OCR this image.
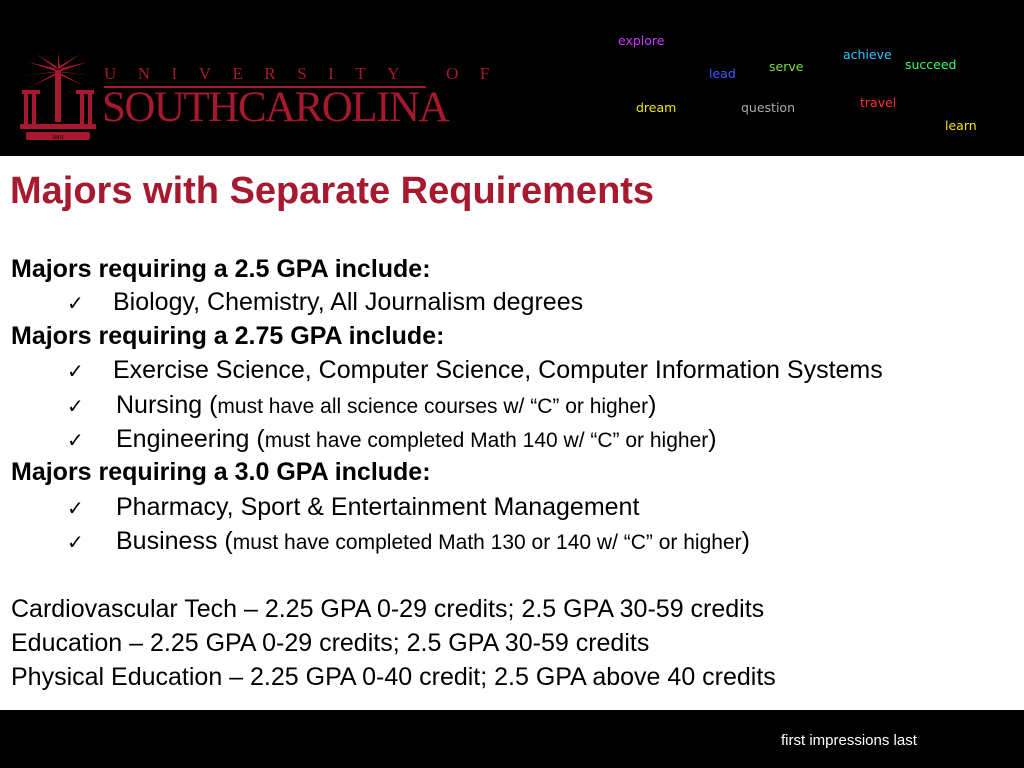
1801
UNIVERSITY OF
SOUTHCAROLINA
explore
lead	serve
achieve
succeed
dream	question	travel
learn
Majors with Separate Requirements
Majors requiring a 2.5 GPA include:
✓ Biology, Chemistry, All Journalism degrees
Majors requiring a 2.75 GPA include:
✓ Exercise Science, Computer Science, Computer Information Systems
✓ Nursing (must have all science courses w/ “C” or higher)
✓ Engineering (must have completed Math 140 w/ “C” or higher)
Majors requiring a 3.0 GPA include:
✓ Pharmacy, Sport & Entertainment Management
✓ Business (must have completed Math 130 or 140 w/ “C” or higher)
Cardiovascular Tech – 2.25 GPA 0-29 credits; 2.5 GPA 30-59 credits
Education – 2.25 GPA 0-29 credits; 2.5 GPA 30-59 credits
Physical Education – 2.25 GPA 0-40 credit; 2.5 GPA above 40 credits
first impressions last
